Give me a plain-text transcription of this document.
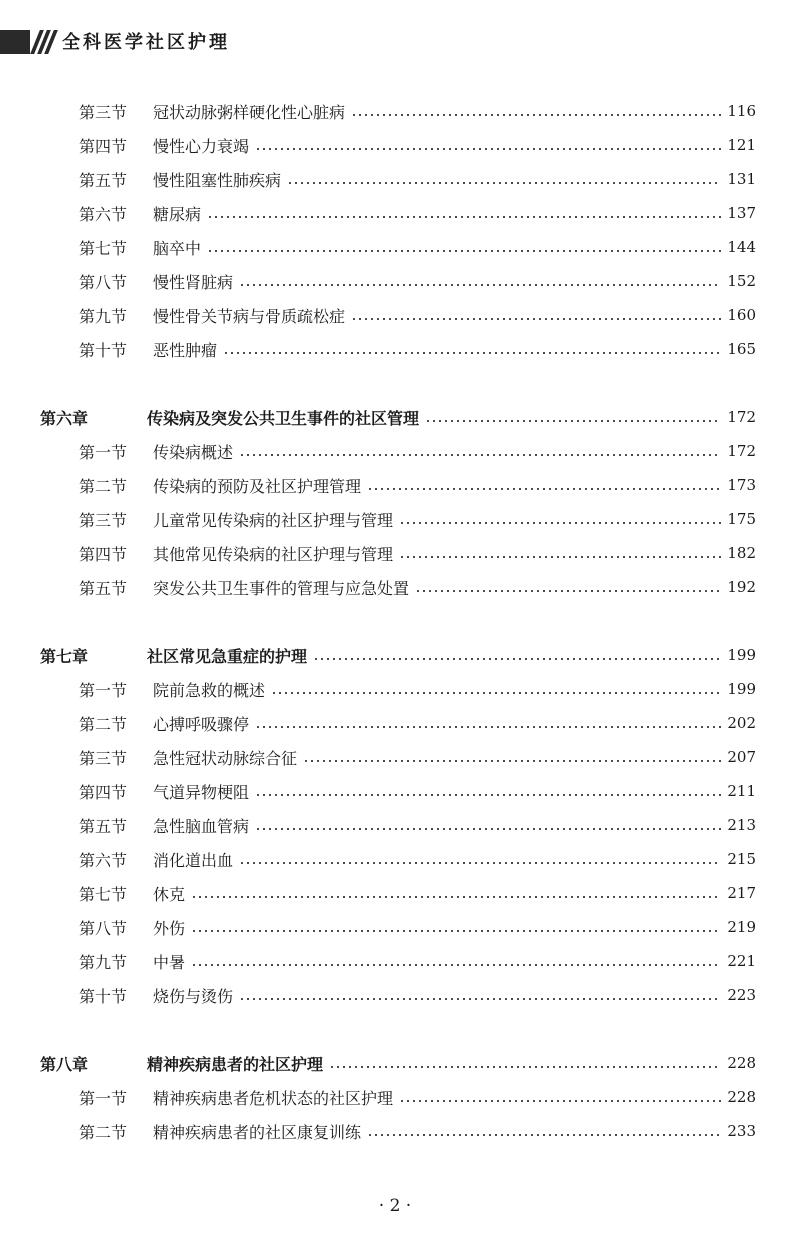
全科医学社区护理
第三节	冠状动脉粥样硬化性心脏病	116
第四节	慢性心力衰竭	121
第五节	慢性阻塞性肺疾病	131
第六节	糖尿病	137
第七节	脑卒中	144
第八节	慢性肾脏病	152
第九节	慢性骨关节病与骨质疏松症	160
第十节	恶性肿瘤	165
第六章	传染病及突发公共卫生事件的社区管理	172
第一节	传染病概述	172
第二节	传染病的预防及社区护理管理	173
第三节	儿童常见传染病的社区护理与管理	175
第四节	其他常见传染病的社区护理与管理	182
第五节	突发公共卫生事件的管理与应急处置	192
第七章	社区常见急重症的护理	199
第一节	院前急救的概述	199
第二节	心搏呼吸骤停	202
第三节	急性冠状动脉综合征	207
第四节	气道异物梗阻	211
第五节	急性脑血管病	213
第六节	消化道出血	215
第七节	休克	217
第八节	外伤	219
第九节	中暑	221
第十节	烧伤与烫伤	223
第八章	精神疾病患者的社区护理	228
第一节	精神疾病患者危机状态的社区护理	228
第二节	精神疾病患者的社区康复训练	233
· 2 ·
